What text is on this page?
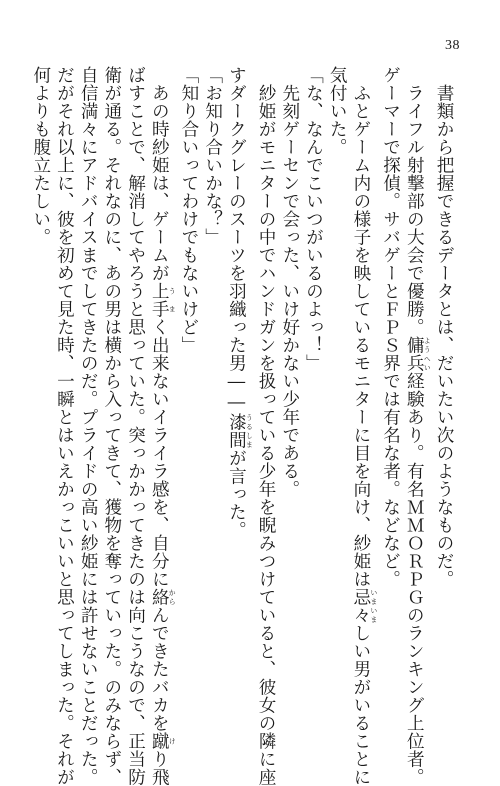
38
　書類から把握できるデータとは、だいたい次のようなものだ。
　ライフル射撃部の大会で優勝。傭兵 ようへい経験あり。有名ＭＭＯＲＰＧのランキング上位者。
ゲーマーで探偵。サバゲーとＦＰＳ界では有名な者。などなど。
　ふとゲーム内の様子を映しているモニターに目を向け、紗姫は忌々 いまいましい男がいることに
気付いた。
「な、なんでこいつがいるのよっ！」
　先刻ゲーセンで会った、いけ好かない少年である。
　紗姫がモニターの中でハンドガンを扱っている少年を睨みつけていると、彼女の隣に座
すダークグレーのスーツを羽織った男――漆間 うるしまが言った。
「お知り合いかな？」
「知り合いってわけでもないけど」
　あの時紗姫は、ゲームが上手 うまく出来ないイライラ感を、自分に絡 からんできたバカを蹴 けり飛
ばすことで、解消してやろうと思っていた。突っかかってきたのは向こうなので、正当防
衛が通る。それなのに、あの男は横から入ってきて、獲物を奪っていった。のみならず、
自信満々にアドバイスまでしてきたのだ。プライドの高い紗姫には許せないことだった。
だがそれ以上に、彼を初めて見た時、一瞬とはいえかっこいいと思ってしまった。それが
何よりも腹立たしい。
